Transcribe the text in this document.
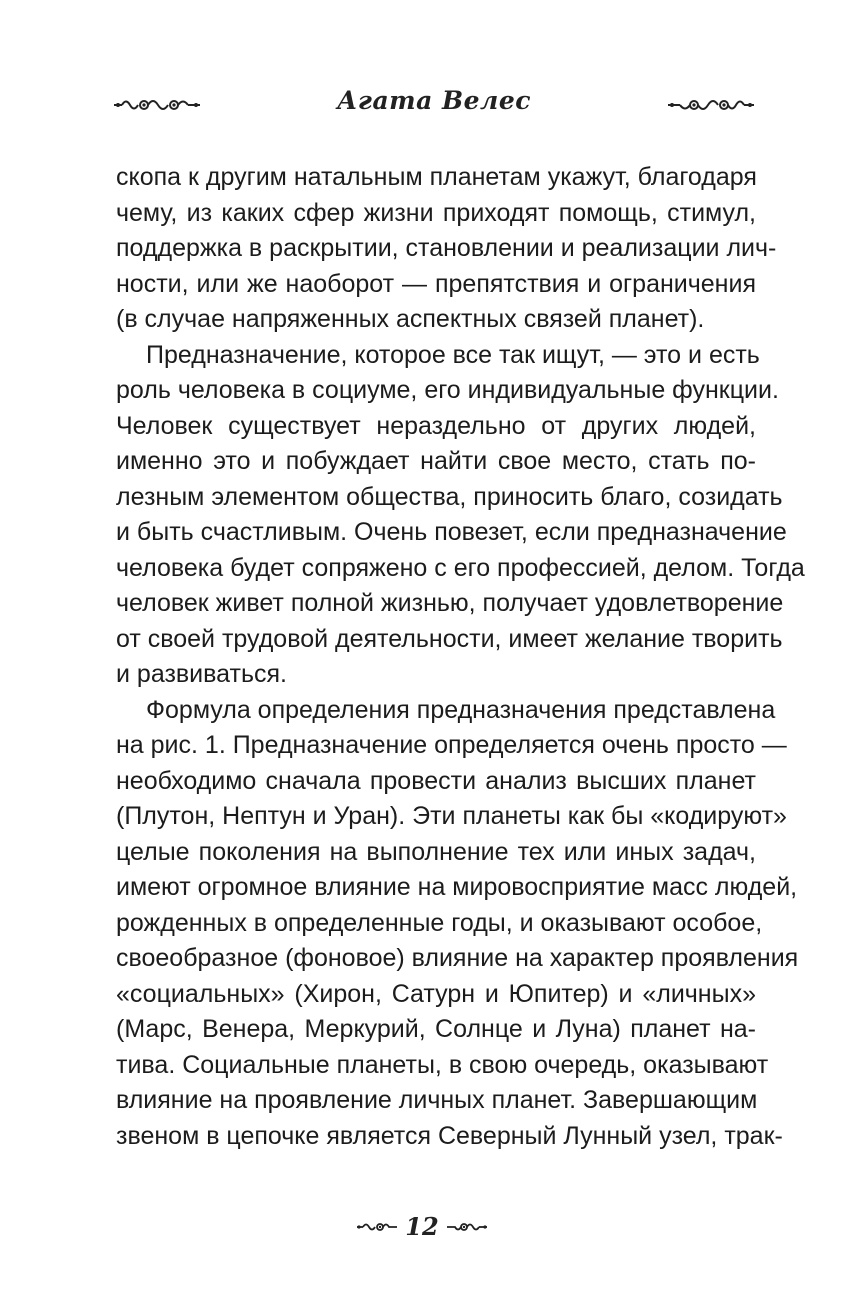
Агата Велес
скопа к другим натальным планетам укажут, благодаря
чему, из каких сфер жизни приходят помощь, стимул,
поддержка в раскрытии, становлении и реализации лич-
ности, или же наоборот — препятствия и ограничения
(в случае напряженных аспектных связей планет).
Предназначение, которое все так ищут, — это и есть
роль человека в социуме, его индивидуальные функции.
Человек существует нераздельно от других людей,
именно это и побуждает найти свое место, стать по-
лезным элементом общества, приносить благо, созидать
и быть счастливым. Очень повезет, если предназначение
человека будет сопряжено с его профессией, делом. Тогда
человек живет полной жизнью, получает удовлетворение
от своей трудовой деятельности, имеет желание творить
и развиваться.
Формула определения предназначения представлена
на рис. 1. Предназначение определяется очень просто —
необходимо сначала провести анализ высших планет
(Плутон, Нептун и Уран). Эти планеты как бы «кодируют»
целые поколения на выполнение тех или иных задач,
имеют огромное влияние на мировосприятие масс людей,
рожденных в определенные годы, и оказывают особое,
своеобразное (фоновое) влияние на характер проявления
«социальных» (Хирон, Сатурн и Юпитер) и «личных»
(Марс, Венера, Меркурий, Солнце и Луна) планет на-
тива. Социальные планеты, в свою очередь, оказывают
влияние на проявление личных планет. Завершающим
звеном в цепочке является Северный Лунный узел, трак-
12
